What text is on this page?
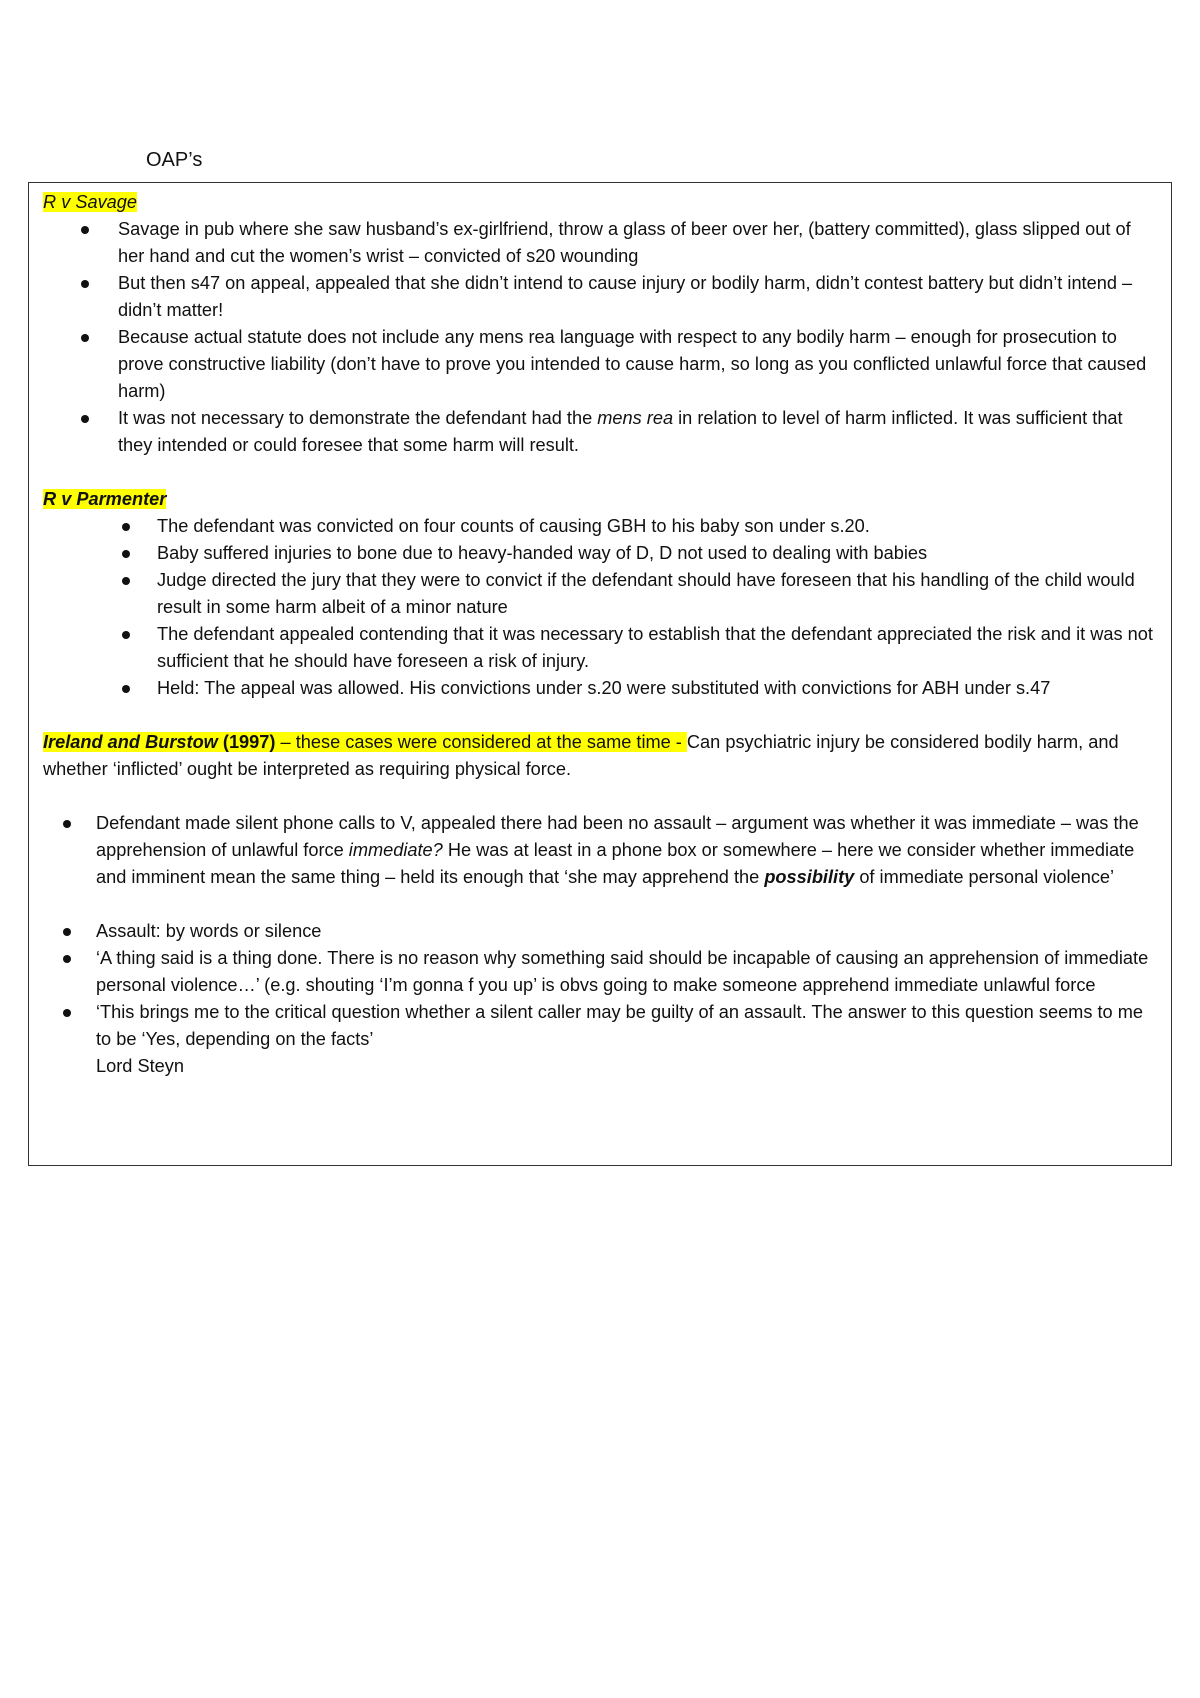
OAP’s
R v Savage
Savage in pub where she saw husband’s ex-girlfriend, throw a glass of beer over her, (battery committed), glass slipped out of her hand and cut the women’s wrist – convicted of s20 wounding
But then s47 on appeal, appealed that she didn’t intend to cause injury or bodily harm, didn’t contest battery but didn’t intend – didn’t matter!
Because actual statute does not include any mens rea language with respect to any bodily harm – enough for prosecution to prove constructive liability (don’t have to prove you intended to cause harm, so long as you conflicted unlawful force that caused harm)
It was not necessary to demonstrate the defendant had the mens rea in relation to level of harm inflicted. It was sufficient that they intended or could foresee that some harm will result.
R v Parmenter
The defendant was convicted on four counts of causing GBH to his baby son under s.20.
Baby suffered injuries to bone due to heavy-handed way of D, D not used to dealing with babies
Judge directed the jury that they were to convict if the defendant should have foreseen that his handling of the child would result in some harm albeit of a minor nature
The defendant appealed contending that it was necessary to establish that the defendant appreciated the risk and it was not sufficient that he should have foreseen a risk of injury.
Held: The appeal was allowed. His convictions under s.20 were substituted with convictions for ABH under s.47
Ireland and Burstow (1997) – these cases were considered at the same time - Can psychiatric injury be considered bodily harm, and whether ‘inflicted’ ought be interpreted as requiring physical force.
Defendant made silent phone calls to V, appealed there had been no assault – argument was whether it was immediate – was the apprehension of unlawful force immediate? He was at least in a phone box or somewhere – here we consider whether immediate and imminent mean the same thing – held its enough that ‘she may apprehend the possibility of immediate personal violence’
Assault: by words or silence
‘A thing said is a thing done. There is no reason why something said should be incapable of causing an apprehension of immediate personal violence…’ (e.g. shouting ‘I’m gonna f you up’ is obvs going to make someone apprehend immediate unlawful force
‘This brings me to the critical question whether a silent caller may be guilty of an assault. The answer to this question seems to me to be ‘Yes, depending on the facts’
Lord Steyn
